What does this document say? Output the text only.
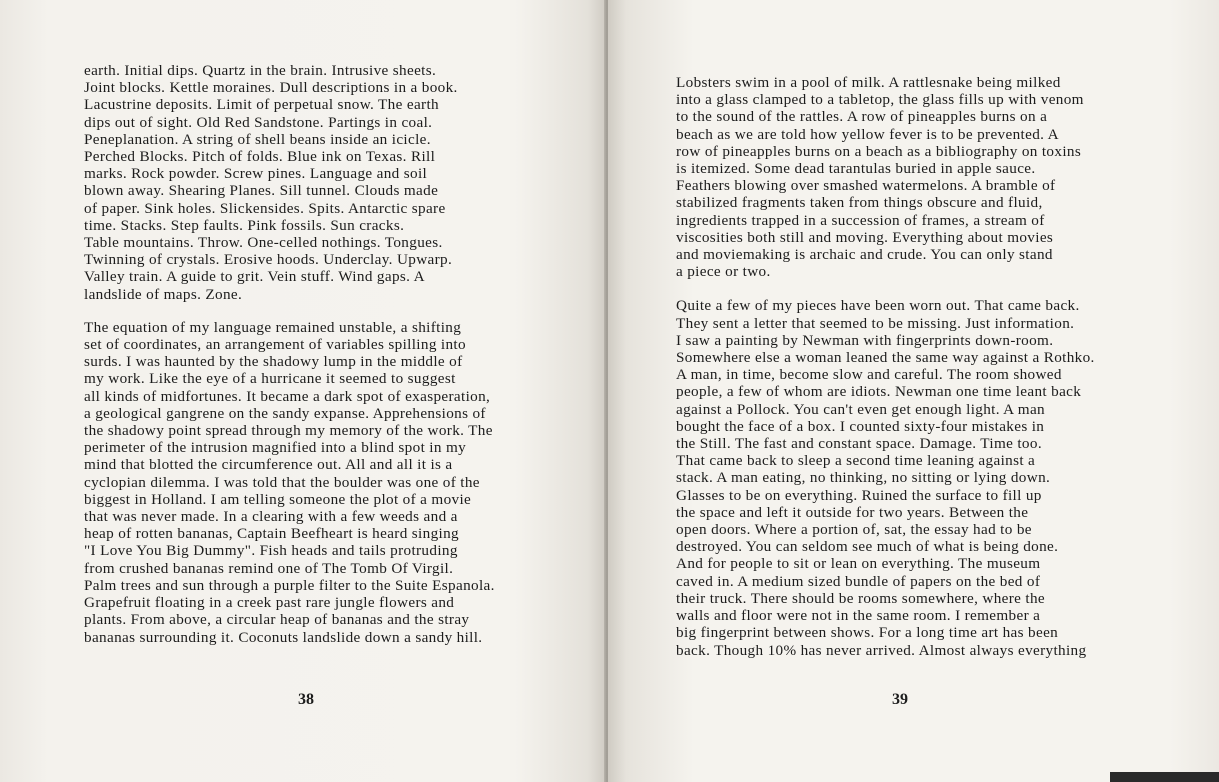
earth. Initial dips. Quartz in the brain. Intrusive sheets.
Joint blocks. Kettle moraines. Dull descriptions in a book.
Lacustrine deposits. Limit of perpetual snow. The earth
dips out of sight. Old Red Sandstone. Partings in coal.
Peneplanation. A string of shell beans inside an icicle.
Perched Blocks. Pitch of folds. Blue ink on Texas. Rill
marks. Rock powder. Screw pines. Language and soil
blown away. Shearing Planes. Sill tunnel. Clouds made
of paper. Sink holes. Slickensides. Spits. Antarctic spare
time. Stacks. Step faults. Pink fossils. Sun cracks.
Table mountains. Throw. One-celled nothings. Tongues.
Twinning of crystals. Erosive hoods. Underclay. Upwarp.
Valley train. A guide to grit. Vein stuff. Wind gaps. A
landslide of maps. Zone.
The equation of my language remained unstable, a shifting
set of coordinates, an arrangement of variables spilling into
surds. I was haunted by the shadowy lump in the middle of
my work. Like the eye of a hurricane it seemed to suggest
all kinds of midfortunes. It became a dark spot of exasperation,
a geological gangrene on the sandy expanse. Apprehensions of
the shadowy point spread through my memory of the work. The
perimeter of the intrusion magnified into a blind spot in my
mind that blotted the circumference out. All and all it is a
cyclopian dilemma. I was told that the boulder was one of the
biggest in Holland. I am telling someone the plot of a movie
that was never made. In a clearing with a few weeds and a
heap of rotten bananas, Captain Beefheart is heard singing
"I Love You Big Dummy". Fish heads and tails protruding
from crushed bananas remind one of The Tomb Of Virgil.
Palm trees and sun through a purple filter to the Suite Espanola.
Grapefruit floating in a creek past rare jungle flowers and
plants. From above, a circular heap of bananas and the stray
bananas surrounding it. Coconuts landslide down a sandy hill.
38
Lobsters swim in a pool of milk. A rattlesnake being milked
into a glass clamped to a tabletop, the glass fills up with venom
to the sound of the rattles. A row of pineapples burns on a
beach as we are told how yellow fever is to be prevented. A
row of pineapples burns on a beach as a bibliography on toxins
is itemized. Some dead tarantulas buried in apple sauce.
Feathers blowing over smashed watermelons. A bramble of
stabilized fragments taken from things obscure and fluid,
ingredients trapped in a succession of frames, a stream of
viscosities both still and moving. Everything about movies
and moviemaking is archaic and crude. You can only stand
a piece or two.
Quite a few of my pieces have been worn out. That came back.
They sent a letter that seemed to be missing. Just information.
I saw a painting by Newman with fingerprints down-room.
Somewhere else a woman leaned the same way against a Rothko.
A man, in time, become slow and careful. The room showed
people, a few of whom are idiots. Newman one time leant back
against a Pollock. You can't even get enough light. A man
bought the face of a box. I counted sixty-four mistakes in
the Still. The fast and constant space. Damage. Time too.
That came back to sleep a second time leaning against a
stack. A man eating, no thinking, no sitting or lying down.
Glasses to be on everything. Ruined the surface to fill up
the space and left it outside for two years. Between the
open doors. Where a portion of, sat, the essay had to be
destroyed. You can seldom see much of what is being done.
And for people to sit or lean on everything. The museum
caved in. A medium sized bundle of papers on the bed of
their truck. There should be rooms somewhere, where the
walls and floor were not in the same room. I remember a
big fingerprint between shows. For a long time art has been
back. Though 10% has never arrived. Almost always everything
39
